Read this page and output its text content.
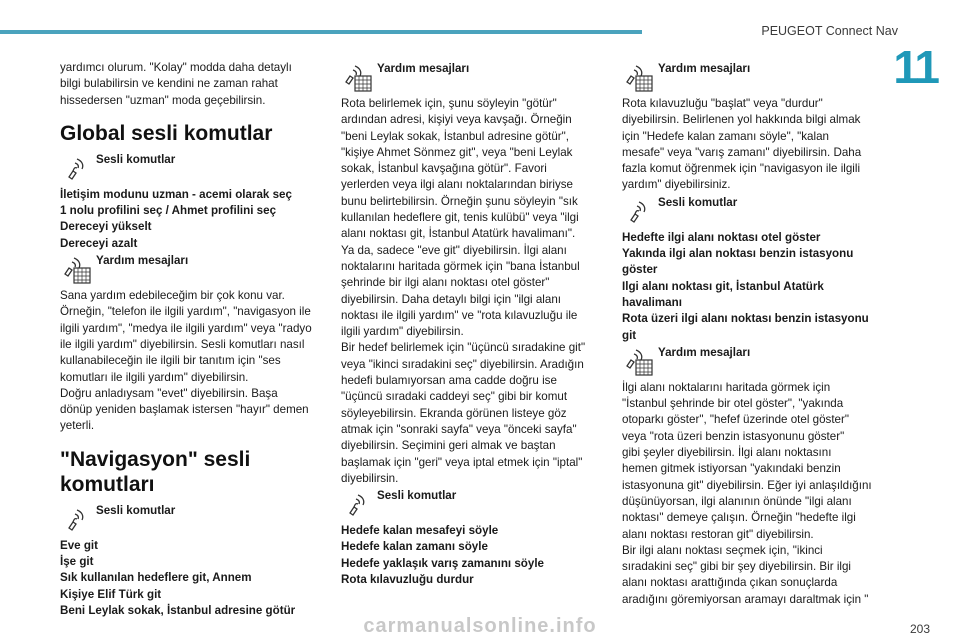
PEUGEOT Connect Nav
11
yardımcı olurum. "Kolay" modda daha detaylı
bilgi bulabilirsin ve kendini ne zaman rahat
hissedersen "uzman" moda geçebilirsin.
Global sesli komutlar
Sesli komutlar
İletişim modunu uzman - acemi olarak seç
1 nolu profilini seç / Ahmet profilini seç
Dereceyi yükselt
Dereceyi azalt
Yardım mesajları
Sana yardım edebileceğim bir çok konu var.
Örneğin, "telefon ile ilgili yardım", "navigasyon ile
ilgili yardım", "medya ile ilgili yardım" veya "radyo
ile ilgili yardım" diyebilirsin. Sesli komutları nasıl
kullanabileceğin ile ilgili bir tanıtım için "ses
komutları ile ilgili yardım" diyebilirsin.
Doğru anladıysam "evet" diyebilirsin. Başa
dönüp yeniden başlamak istersen "hayır" demen
yeterli.
"Navigasyon" sesli
komutları
Sesli komutlar
Eve git
İşe git
Sık kullanılan hedeflere git, Annem
Kişiye Elif Türk git
Beni Leylak sokak, İstanbul adresine götür
Yardım mesajları
Rota belirlemek için, şunu söyleyin "götür"
ardından adresi, kişiyi veya kavşağı. Örneğin
"beni Leylak sokak, İstanbul adresine götür",
"kişiye Ahmet Sönmez git", veya "beni Leylak
sokak, İstanbul kavşağına götür". Favori
yerlerden veya ilgi alanı noktalarından biriyse
bunu belirtebilirsin. Örneğin şunu söyleyin "sık
kullanılan hedeflere git, tenis kulübü" veya "ilgi
alanı noktası git, İstanbul Atatürk havalimanı".
Ya da, sadece "eve git" diyebilirsin. İlgi alanı
noktalarını haritada görmek için "bana İstanbul
şehrinde bir ilgi alanı noktası otel göster"
diyebilirsin. Daha detaylı bilgi için "ilgi alanı
noktası ile ilgili yardım" ve "rota kılavuzluğu ile
ilgili yardım" diyebilirsin.
Bir hedef belirlemek için "üçüncü sıradakine git"
veya "ikinci sıradakini seç" diyebilirsin. Aradığın
hedefi bulamıyorsan ama cadde doğru ise
"üçüncü sıradaki caddeyi seç" gibi bir komut
söyleyebilirsin. Ekranda görünen listeye göz
atmak için "sonraki sayfa" veya "önceki sayfa"
diyebilirsin. Seçimini geri almak ve baştan
başlamak için "geri" veya iptal etmek için "iptal"
diyebilirsin.
Sesli komutlar
Hedefe kalan mesafeyi söyle
Hedefe kalan zamanı söyle
Hedefe yaklaşık varış zamanını söyle
Rota kılavuzluğu durdur
Yardım mesajları
Rota kılavuzluğu "başlat" veya "durdur"
diyebilirsin. Belirlenen yol hakkında bilgi almak
için "Hedefe kalan zamanı söyle", "kalan
mesafe" veya "varış zamanı" diyebilirsin. Daha
fazla komut öğrenmek için "navigasyon ile ilgili
yardım" diyebilirsiniz.
Sesli komutlar
Hedefte ilgi alanı noktası otel göster
Yakında ilgi alan noktası benzin istasyonu
göster
Ilgi alanı noktası git, İstanbul Atatürk
havalimanı
Rota üzeri ilgi alanı noktası benzin istasyonu
git
Yardım mesajları
İlgi alanı noktalarını haritada görmek için
"İstanbul şehrinde bir otel göster", "yakında
otoparkı göster", "hefef üzerinde otel göster"
veya "rota üzeri benzin istasyonunu göster"
gibi şeyler diyebilirsin. İlgi alanı noktasını
hemen gitmek istiyorsan "yakındaki benzin
istasyonuna git" diyebilirsin. Eğer iyi anlaşıldığını
düşünüyorsan, ilgi alanının önünde "ilgi alanı
noktası" demeye çalışın. Örneğin "hedefte ilgi
alanı noktası restoran git" diyebilirsin.
Bir ilgi alanı noktası seçmek için, "ikinci
sıradakini seç" gibi bir şey diyebilirsin. Bir ilgi
alanı noktası arattığında çıkan sonuçlarda
aradığını göremiyorsan aramayı daraltmak için "
carmanualsonline.info	203
